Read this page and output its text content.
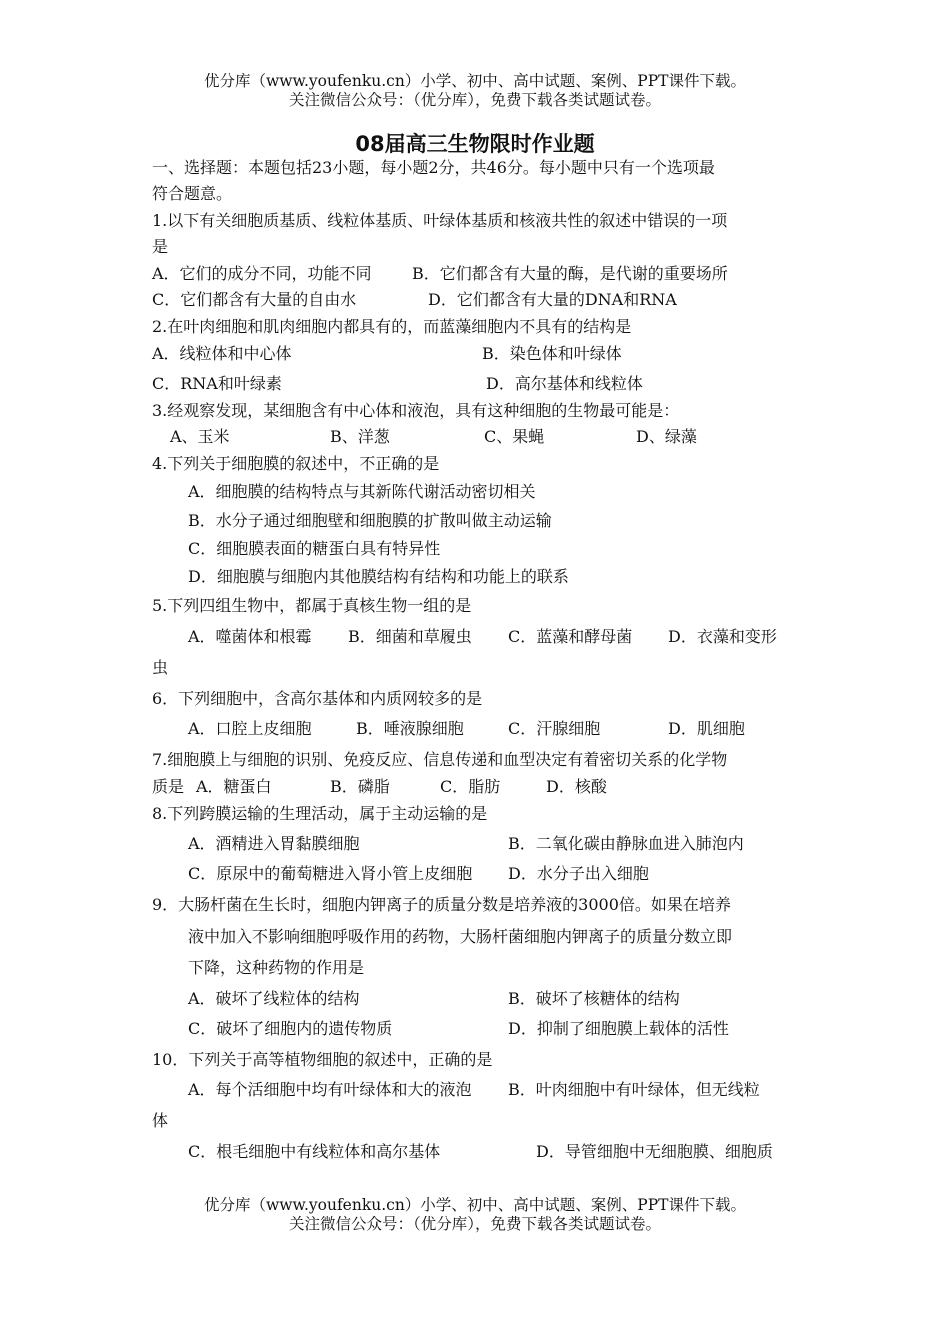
优分库（www.youfenku.cn）小学、初中、高中试题、案例、PPT课件下载。
关注微信公众号：（优分库），免费下载各类试题试卷。
08届高三生物限时作业题
一、选择题：本题包括23小题，每小题2分，共46分。每小题中只有一个选项最
符合题意。
1.以下有关细胞质基质、线粒体基质、叶绿体基质和核液共性的叙述中错误的一项
是
A．它们的成分不同，功能不同	B．它们都含有大量的酶，是代谢的重要场所
C．它们都含有大量的自由水	D．它们都含有大量的DNA和RNA
2.在叶肉细胞和肌肉细胞内都具有的，而蓝藻细胞内不具有的结构是
A．线粒体和中心体	B．染色体和叶绿体
C．RNA和叶绿素	D．高尔基体和线粒体
3.经观察发现，某细胞含有中心体和液泡，具有这种细胞的生物最可能是：
A、玉米	B、洋葱	C、果蝇	D、绿藻
4.下列关于细胞膜的叙述中，不正确的是
A．细胞膜的结构特点与其新陈代谢活动密切相关
B．水分子通过细胞壁和细胞膜的扩散叫做主动运输
C．细胞膜表面的糖蛋白具有特异性
D．细胞膜与细胞内其他膜结构有结构和功能上的联系
5.下列四组生物中，都属于真核生物一组的是
A．噬菌体和根霉 B．细菌和草履虫 C．蓝藻和酵母菌 D．衣藻和变形
虫
6．下列细胞中，含高尔基体和内质网较多的是
A．口腔上皮细胞	B．唾液腺细胞	C．汗腺细胞	D．肌细胞
7.细胞膜上与细胞的识别、免疫反应、信息传递和血型决定有着密切关系的化学物
质是 A．糖蛋白	B．磷脂	C．脂肪	D．核酸
8.下列跨膜运输的生理活动，属于主动运输的是
A．酒精进入胃黏膜细胞	B．二氧化碳由静脉血进入肺泡内
C．原尿中的葡萄糖进入肾小管上皮细胞 D．水分子出入细胞
9．大肠杆菌在生长时，细胞内钾离子的质量分数是培养液的3000倍。如果在培养
液中加入不影响细胞呼吸作用的药物，大肠杆菌细胞内钾离子的质量分数立即
下降，这种药物的作用是
A．破坏了线粒体的结构	B．破坏了核糖体的结构
C．破坏了细胞内的遗传物质	D．抑制了细胞膜上载体的活性
10．下列关于高等植物细胞的叙述中，正确的是
A．每个活细胞中均有叶绿体和大的液泡 B．叶肉细胞中有叶绿体，但无线粒
体
C．根毛细胞中有线粒体和高尔基体	D．导管细胞中无细胞膜、细胞质
优分库（www.youfenku.cn）小学、初中、高中试题、案例、PPT课件下载。
关注微信公众号：（优分库），免费下载各类试题试卷。
